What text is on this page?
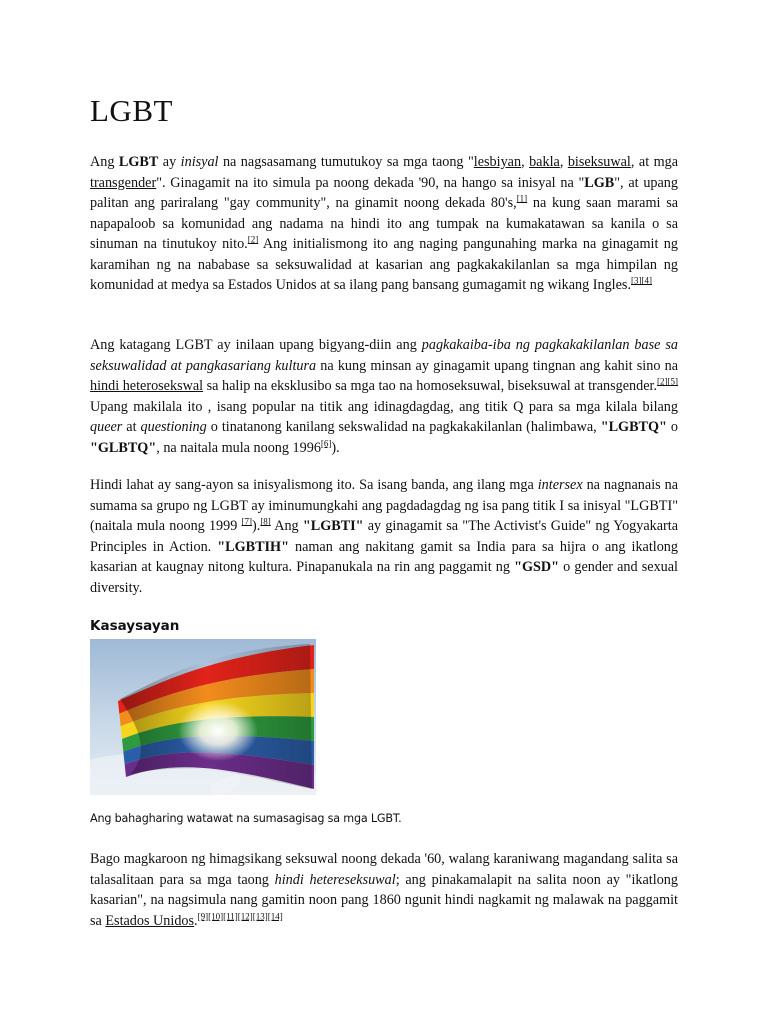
LGBT

Ang LGBT ay inisyal na nagsasamang tumutukoy sa mga taong "lesbiyan, bakla, biseksuwal, at mga transgender". Ginagamit na ito simula pa noong dekada '90, na hango sa inisyal na "LGB", at upang palitan ang pariralang "gay community", na ginamit noong dekada 80's,[1] na kung saan marami sa napapaloob sa komunidad ang nadama na hindi ito ang tumpak na kumakatawan sa kanila o sa sinuman na tinutukoy nito.[2] Ang initialismong ito ang naging pangunahing marka na ginagamit ng karamihan ng na nababase sa seksuwalidad at kasarian ang pagkakakilanlan sa mga himpilan ng komunidad at medya sa Estados Unidos at sa ilang pang bansang gumagamit ng wikang Ingles.[3][4]

Ang katagang LGBT ay inilaan upang bigyang-diin ang pagkakaiba-iba ng pagkakakilanlan base sa seksuwalidad at pangkasariang kultura na kung minsan ay ginagamit upang tingnan ang kahit sino na hindi heterosekswal sa halip na eksklusibo sa mga tao na homoseksuwal, biseksuwal at transgender.[2][5] Upang makilala ito , isang popular na titik ang idinagdagdag, ang titik Q para sa mga kilala bilang queer at questioning o tinatanong kanilang sekswalidad na pagkakakilanlan (halimbawa, "LGBTQ" o "GLBTQ", na naitala mula noong 1996[6]).

Hindi lahat ay sang-ayon sa inisyalismong ito. Sa isang banda, ang ilang mga intersex na nagnanais na sumama sa grupo ng LGBT ay iminumungkahi ang pagdadagdag ng isa pang titik I sa inisyal "LGBTI" (naitala mula noong 1999 [7]).[8] Ang "LGBTI" ay ginagamit sa "The Activist's Guide" ng Yogyakarta Principles in Action. "LGBTIH" naman ang nakitang gamit sa India para sa hijra o ang ikatlong kasarian at kaugnay nitong kultura. Pinapanukala na rin ang paggamit ng "GSD" o gender and sexual diversity.

Kasaysayan

Ang bahagharing watawat na sumasagisag sa mga LGBT.

Bago magkaroon ng himagsikang seksuwal noong dekada '60, walang karaniwang magandang salita sa talasalitaan para sa mga taong hindi hetereseksuwal; ang pinakamalapit na salita noon ay "ikatlong kasarian", na nagsimula nang gamitin noon pang 1860 ngunit hindi nagkamit ng malawak na paggamit sa Estados Unidos.[9][10][11][12][13][14]
